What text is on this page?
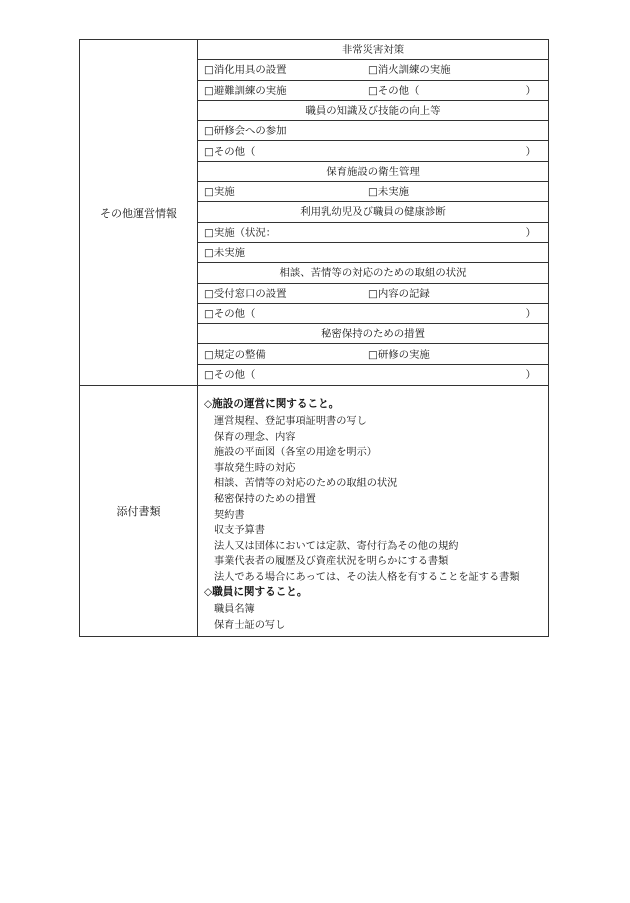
その他運営情報
非常災害対策
□消化用具の設置	□消火訓練の実施
□避難訓練の実施	□その他（	）
職員の知識及び技能の向上等
□研修会への参加
□その他（	）
保育施設の衛生管理
□実施	□未実施
利用乳幼児及び職員の健康診断
□実施（状況：	）
□未実施
相談、苦情等の対応のための取組の状況
□受付窓口の設置	□内容の記録
□その他（	）
秘密保持のための措置
□規定の整備	□研修の実施
□その他（	）
添付書類
◇施設の運営に関すること。
運営規程、登記事項証明書の写し
保育の理念、内容
施設の平面図（各室の用途を明示）
事故発生時の対応
相談、苦情等の対応のための取組の状況
秘密保持のための措置
契約書
収支予算書
法人又は団体においては定款、寄付行為その他の規約
事業代表者の履歴及び資産状況を明らかにする書類
法人である場合にあっては、その法人格を有することを証する書類
◇職員に関すること。
職員名簿
保育士証の写し
